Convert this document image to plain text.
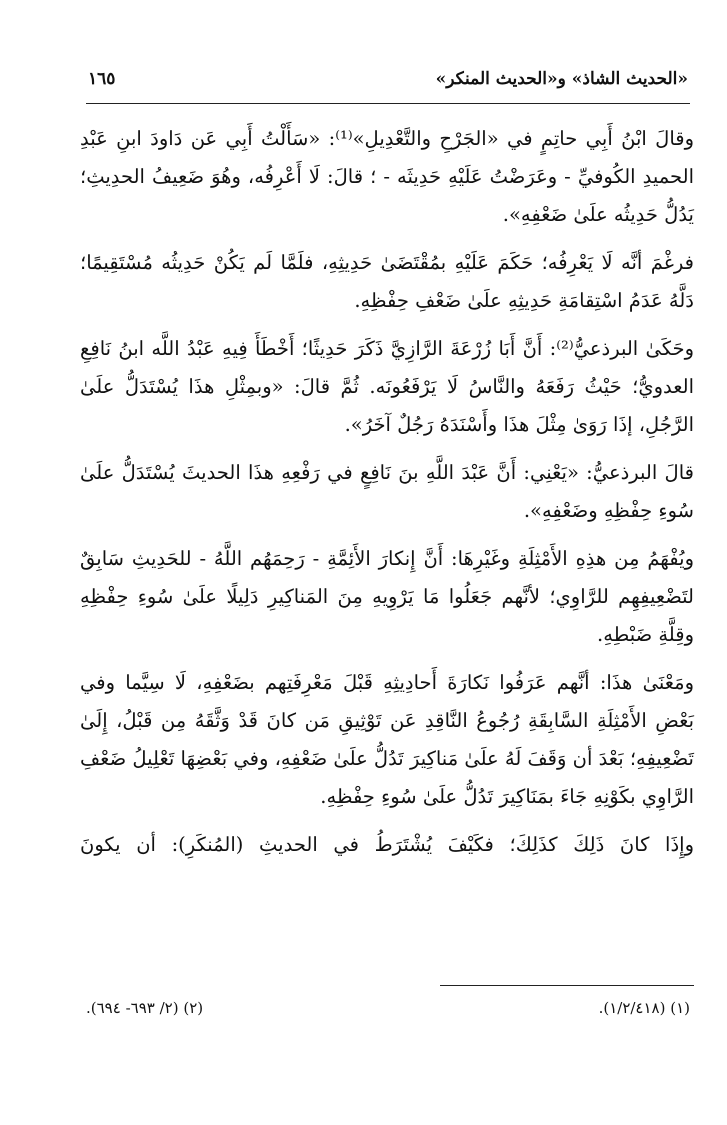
«الحديث الشاذ» و«الحديث المنكر»
١٦٥

وقالَ ابْنُ أَبِي حاتِمٍ في «الجَرْحِ والتَّعْدِيلِ»⁽¹⁾: «سَأَلْتُ أَبِي عَن دَاودَ ابنِ عَبْدِ الحميدِ الكُوفيِّ - وعَرَضْتُ عَلَيْهِ حَدِيثَه - ؛ قالَ: لَا أَعْرِفُه، وهُوَ ضَعِيفُ الحدِيثِ؛ يَدُلُّ حَدِيثُه علَىٰ ضَعْفِهِ».

فرغْمَ أنَّه لَا يَعْرِفُه؛ حَكَمَ عَلَيْهِ بمُقْتَضَىٰ حَدِيثِهِ، فلَمَّا لَم يَكُنْ حَدِيثُه مُسْتَقِيمًا؛ دَلَّهُ عَدَمُ اسْتِقامَةِ حَدِيثِهِ علَىٰ ضَعْفِ حِفْظِهِ.

وحَكَىٰ البرذعيُّ⁽²⁾: أَنَّ أَبَا زُرْعَةَ الرَّازِيَّ ذَكَرَ حَدِيثًا؛ أَخْطَأَ فِيهِ عَبْدُ اللَّه ابنُ نَافِعِ العدويُّ؛ حَيْثُ رَفَعَهُ والنَّاسُ لَا يَرْفَعُونَه. ثُمَّ قالَ: «وبمِثْلِ هذَا يُسْتَدَلُّ علَىٰ الرَّجُلِ، إذَا رَوَىٰ مِثْلَ هذَا وأَسْنَدَهُ رَجُلٌ آخَرُ».

قالَ البرذعيُّ: «يَعْنِي: أَنَّ عَبْدَ اللَّهِ بنَ نَافِعٍ في رَفْعِهِ هذَا الحديثَ يُسْتَدَلُّ علَىٰ سُوءِ حِفْظِهِ وضَعْفِهِ».

ويُفْهَمُ مِن هذِهِ الأَمْثِلَةِ وغَيْرِهَا: أَنَّ إِنكارَ الأَئِمَّةِ - رَحِمَهُم اللَّهُ - للحَدِيثِ سَابِقٌ لتَضْعِيفِهِم للرَّاوِي؛ لأنَّهم جَعَلُوا مَا يَرْوِيهِ مِنَ المَناكِيرِ دَلِيلًا علَىٰ سُوءِ حِفْظِهِ وقِلَّةِ ضَبْطِهِ.

ومَعْنَىٰ هذَا: أنَّهم عَرَفُوا نَكارَةَ أَحادِيثِهِ قَبْلَ مَعْرِفَتِهم بضَعْفِهِ، لَا سِيَّما وفي بَعْضِ الأَمْثِلَةِ السَّابِقَةِ رُجُوعُ النَّاقِدِ عَن تَوْثِيقِ مَن كانَ قَدْ وَثَّقَهُ مِن قَبْلُ، إِلَىٰ تَضْعِيفِهِ؛ بَعْدَ أن وَقَفَ لَهُ علَىٰ مَناكِيرَ تَدُلُّ علَىٰ ضَعْفِهِ، وفي بَعْضِهَا تَعْلِيلُ ضَعْفِ الرَّاوِي بكَوْنِهِ جَاءَ بمَنَاكِيرَ تَدُلُّ علَىٰ سُوءِ حِفْظِهِ.

وإِذَا كانَ ذَلِكَ كذَلِكَ؛ فكَيْفَ يُشْتَرَطُ في الحديثِ (المُنكَرِ): أن يكونَ

(١) (١/٢/٤١٨).
(٢) (٢/ ٦٩٣- ٦٩٤).
